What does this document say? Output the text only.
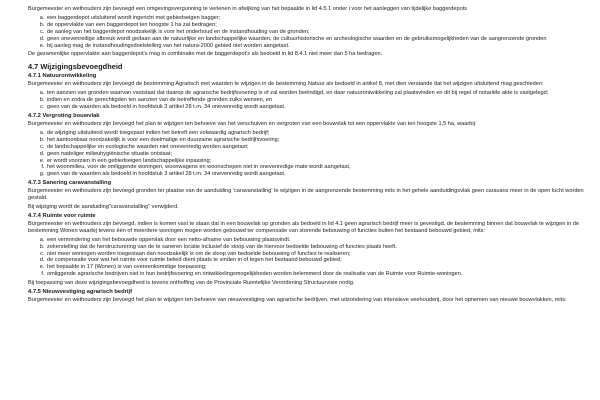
Burgemeester en wethouders zijn bevoegd een omgevingsvergunning te verlenen in afwijking van het bepaalde in lid 4.5.1 onder i voor het aanleggen van tijdelijke baggerdepots

a. een baggerdepot uitsluitend wordt ingericht met gebiedseigen bagger;
b. de oppervlakte van een baggerdepot ten hoogste 1 ha zal bedragen;
c. de aanleg van het baggerdepot noodzakelijk is voor het onderhoud en de instandhouding van de gronden;
d. geen onevenredige afbreuk wordt gedaan aan de natuurlijke en landschappelijke waarden, de cultuurhistorische en archeologische waarden en de gebruiksmogelijkheden van de aangrenzende gronden
e. bij aanleg mag de instandhoudingsdoelstelling van het natura-2000 gebied niet worden aangetast.

De gezamenlijke oppervlakte aan baggerdepot's mag in combinatie met de baggerdepot's als bedoeld in lid 8.4.1 niet meer dan 5 ha bedragen.

4.7 Wijzigingsbevoegdheid
4.7.1 Natuurontwikkeling

Burgemeester en wethouders zijn bevoegd de bestemming Agrarisch met waarden te wijzigen in de bestemming Natuur als bedoeld in artikel 8, met dien verstande dat het wijzigen uitsluitend mag geschieden:

a. ten aanzien van gronden waarvan vaststaat dat daarop de agrarische bedrijfsvoering is of zal worden beëindigd, en daar natuurontwikkeling zal plaatsvinden en dit bij regel of notariële akte is vastgelegd;
b. indien en zodra de gerechtigden ten aanzien van de betreffende gronden zulks wensen, en
c. geen van de waarden als bedoeld in hoofdstuk 3 artikel 28 t.m. 34 onevenredig wordt aangetast.
4.7.2 Vergroting bouwvlak

Burgemeester en wethouders zijn bevoegd het plan te wijzigen ten behoeve van het verschuiven en vergroten van een bouwvlak tot een oppervlakte van ten hoogste 1,5 ha, waarbij:

a. de wijziging uitsluitend wordt toegepast indien het betreft een volwaardig agrarisch bedrijf;
b. het aantoonbaar noodzakelijk is voor een doelmatige en duurzame agrarische bedrijfsvoering;
c. de landschappelijke en ecologische waarden niet onevenredig worden aangetast;
d. geen nadeliger milieuhygiënische situatie ontstaat;
e. er wordt voorzien in een gebiedseigen landschappelijke inpassing;
f. het woonmilieu, voor de omliggende woningen, woonwagens en woonschepen niet in onevenredige mate wordt aangetast,
g. geen van de waarden als bedoeld in hoofdstuk 3 artikel 28 t.m. 34 onevenredig wordt aangetast.
4.7.3 Sanering caravanstalling

Burgemeester en wethouders zijn bevoegd gronden ter plaatse van de aanduiding 'caravanstalling' te wijzigen in de aangrenzende bestemming mits in het gehele aanduidingsvlak geen caravans meer in de open lucht worden gestald.

Bij wijziging wordt de aanduiding"caravanstalling" verwijderd.

4.7.4 Ruimte voor ruimte

Burgemeester en wethouders zijn bevoegd, indien is komen vast te staan dat in een bouwvlak op gronden als bedoeld in lid 4.1 geen agrarisch bedrijf meer is gevestigd, de bestemming binnen dat bouwvlak te wijzigen in de bestemming Wonen waarbij tevens één of meerdere woningen mogen worden gebouwd ter compensatie van storende bebouwing of functies buiten het bestaand bebouwd gebied, mits:

a. een vermindering van het bebouwde oppervlak door een netto-afname van bebouwing plaatsvindt.
b. zekerstelling dat de herstructurering van de te saneren locatie inclusief de sloop van de hiervoor bedoelde bebouwing of functies plaats heeft.
c. niet meer woningen worden toegestaan dan noodzakelijk is om de sloop van bedoelde bebouwing of functies te realiseren;
d. de compensatie voor wat het ruimte voor ruimte beleid dient plaats te vinden in of tegen het bestaand bebouwd gebied;
e. het bepaalde in 17 (Wonen) is van overeenkomstige toepassing;
f. omliggende agrarische bedrijven niet in hun bedrijfsvoering en ontwikkelingsmogelijkheden worden belemmerd door de realisatie van de Ruimte voor Ruimte-woningen.

Bij toepassing van deze wijzigingsbevoegdheid is tevens onthoffing van de Provinciale Ruimtelijke Verordening Structuurvisie nodig.

4.7.5 Nieuwvestiging agrarisch bedrijf

Burgemeester en wethouders zijn bevoegd het plan te wijzigen ten behoeve van nieuwvestiging van agrarische bedrijven, met uitzondering van intensieve veehouderij, door het opnemen van nieuwe bouwvlakken, mits:
